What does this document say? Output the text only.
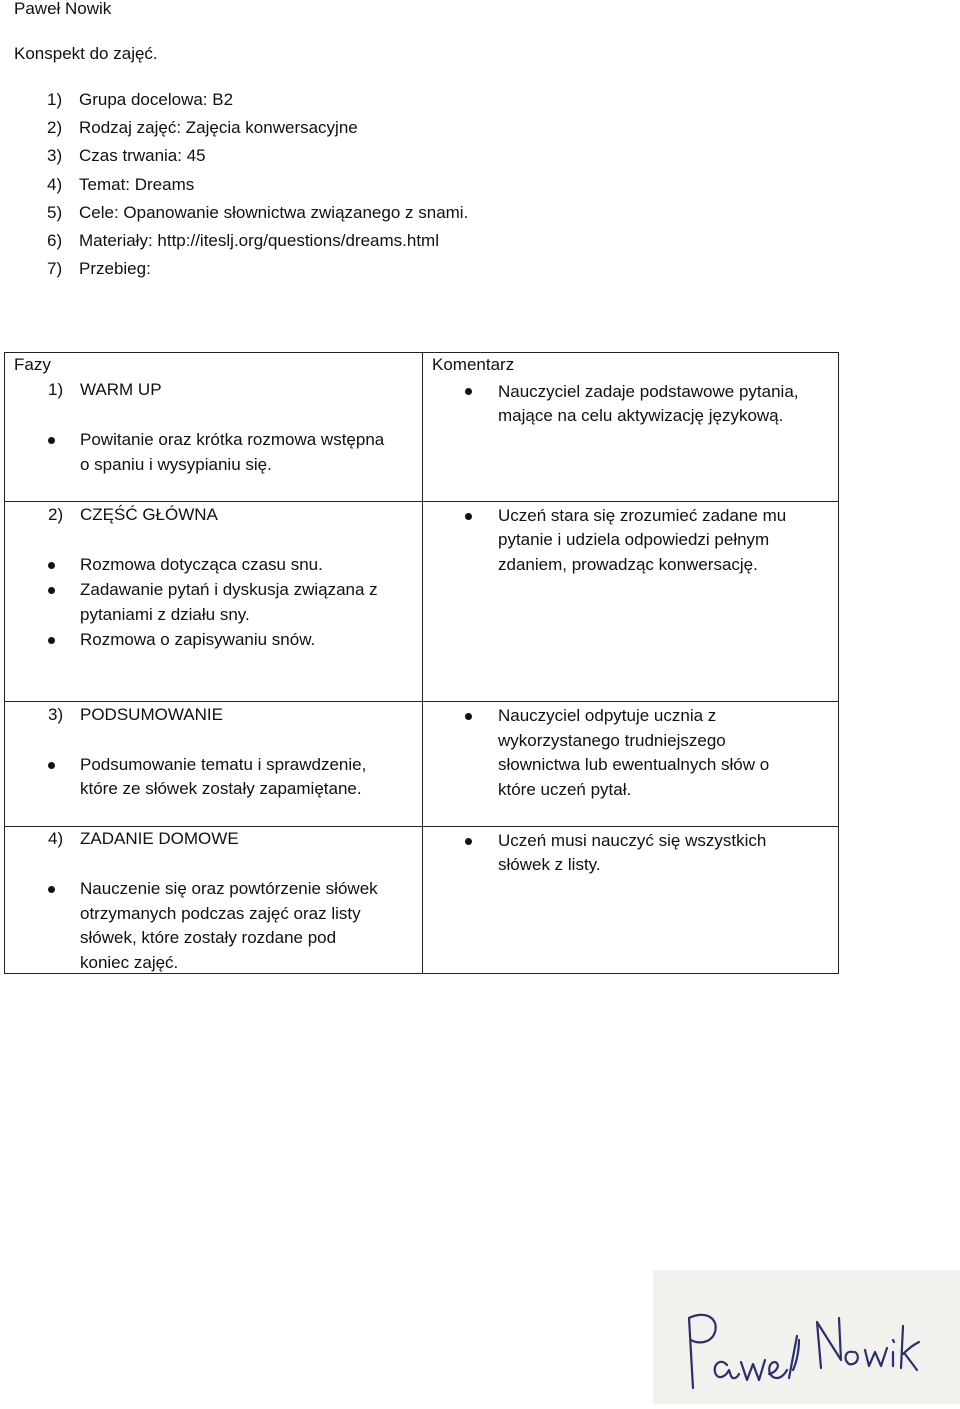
Paweł Nowik
Konspekt do zajęć.
1) Grupa docelowa: B2
2) Rodzaj zajęć: Zajęcia konwersacyjne
3) Czas trwania: 45
4) Temat: Dreams
5) Cele: Opanowanie słownictwa związanego z snami.
6) Materiały: http://iteslj.org/questions/dreams.html
7) Przebieg:
Fazy	Komentarz
1) WARM UP
Powitanie oraz krótka rozmowa wstępna
o spaniu i wysypianiu się.
Nauczyciel zadaje podstawowe pytania,
mające na celu aktywizację językową.
2) CZĘŚĆ GŁÓWNA
Rozmowa dotycząca czasu snu.
Zadawanie pytań i dyskusja związana z
pytaniami z działu sny.
Rozmowa o zapisywaniu snów.
Uczeń stara się zrozumieć zadane mu
pytanie i udziela odpowiedzi pełnym
zdaniem, prowadząc konwersację.
3) PODSUMOWANIE
Podsumowanie tematu i sprawdzenie,
które ze słówek zostały zapamiętane.
Nauczyciel odpytuje ucznia z
wykorzystanego trudniejszego
słownictwa lub ewentualnych słów o
które uczeń pytał.
4) ZADANIE DOMOWE
Nauczenie się oraz powtórzenie słówek
otrzymanych podczas zajęć oraz listy
słówek, które zostały rozdane pod
koniec zajęć.
Uczeń musi nauczyć się wszystkich
słówek z listy.
